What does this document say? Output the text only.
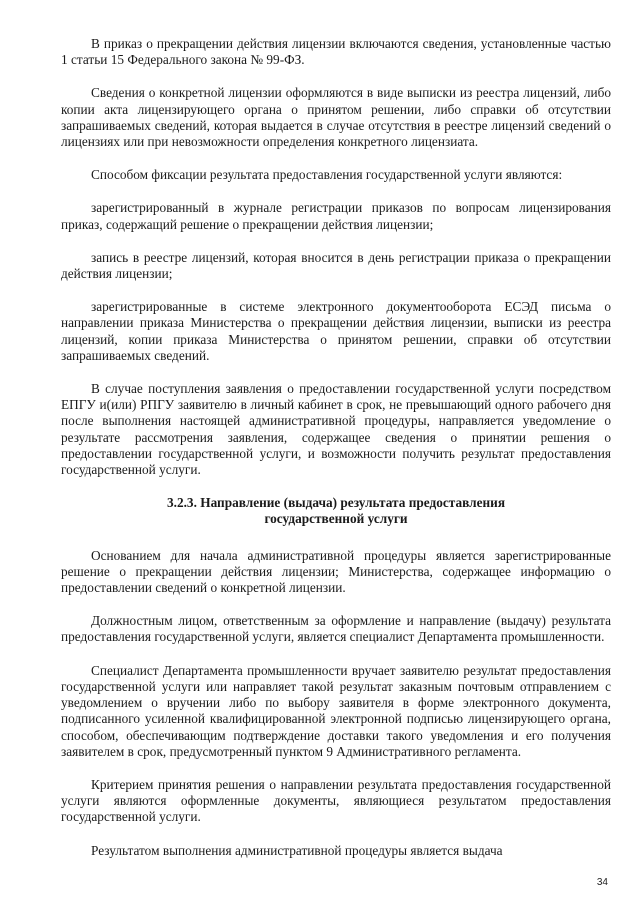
В приказ о прекращении действия лицензии включаются сведения, установленные частью 1 статьи 15 Федерального закона № 99-ФЗ.

Сведения о конкретной лицензии оформляются в виде выписки из реестра лицензий, либо копии акта лицензирующего органа о принятом решении, либо справки об отсутствии запрашиваемых сведений, которая выдается в случае отсутствия в реестре лицензий сведений о лицензиях или при невозможности определения конкретного лицензиата.

Способом фиксации результата предоставления государственной услуги являются:

зарегистрированный в журнале регистрации приказов по вопросам лицензирования приказ, содержащий решение о прекращении действия лицензии;

запись в реестре лицензий, которая вносится в день регистрации приказа о прекращении действия лицензии;

зарегистрированные в системе электронного документооборота ЕСЭД письма о направлении приказа Министерства о прекращении действия лицензии, выписки из реестра лицензий, копии приказа Министерства о принятом решении, справки об отсутствии запрашиваемых сведений.

В случае поступления заявления о предоставлении государственной услуги посредством ЕПГУ и(или) РПГУ заявителю в личный кабинет в срок, не превышающий одного рабочего дня после выполнения настоящей административной процедуры, направляется уведомление о результате рассмотрения заявления, содержащее сведения о принятии решения о предоставлении государственной услуги, и возможности получить результат предоставления государственной услуги.

3.2.3. Направление (выдача) результата предоставления государственной услуги

Основанием для начала административной процедуры является зарегистрированные решение о прекращении действия лицензии; Министерства, содержащее информацию о предоставлении сведений о конкретной лицензии.

Должностным лицом, ответственным за оформление и направление (выдачу) результата предоставления государственной услуги, является специалист Департамента промышленности.

Специалист Департамента промышленности вручает заявителю результат предоставления государственной услуги или направляет такой результат заказным почтовым отправлением с уведомлением о вручении либо по выбору заявителя в форме электронного документа, подписанного усиленной квалифицированной электронной подписью лицензирующего органа, способом, обеспечивающим подтверждение доставки такого уведомления и его получения заявителем в срок, предусмотренный пунктом 9 Административного регламента.

Критерием принятия решения о направлении результата предоставления государственной услуги являются оформленные документы, являющиеся результатом предоставления государственной услуги.

Результатом выполнения административной процедуры является выдача

34
